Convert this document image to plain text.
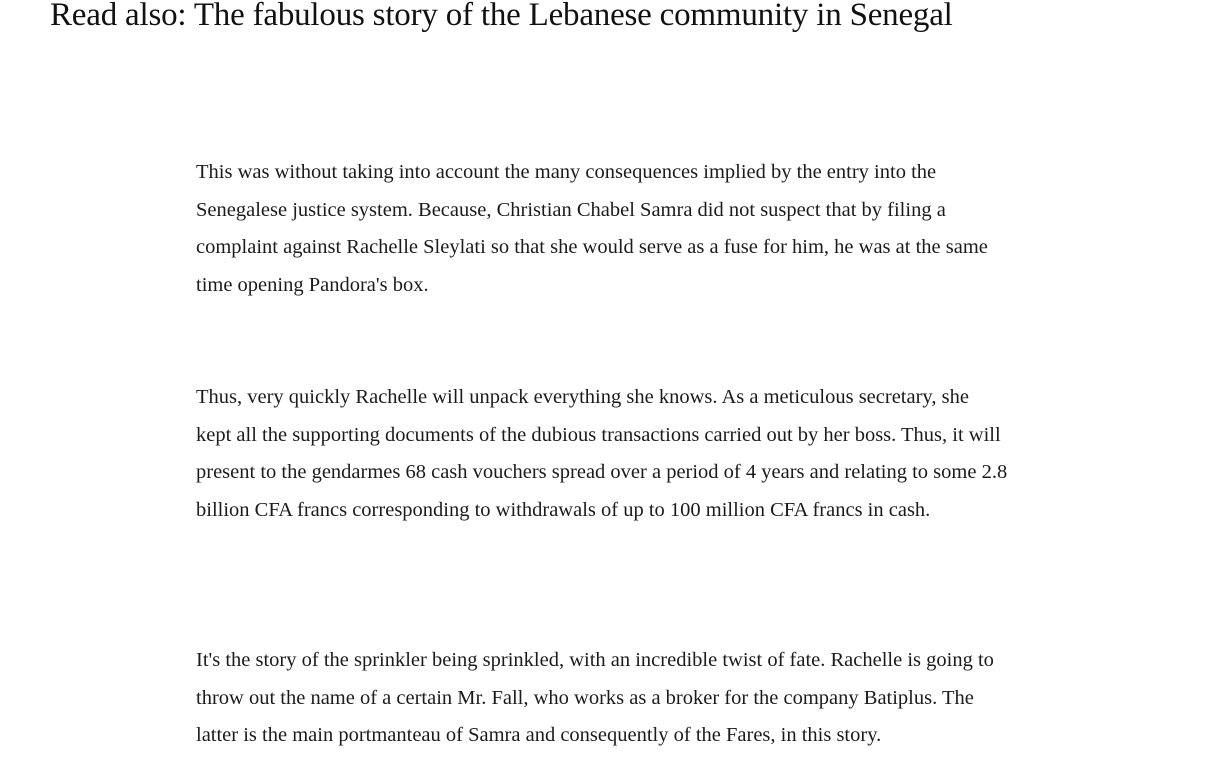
Read also: The fabulous story of the Lebanese community in Senegal
This was without taking into account the many consequences implied by the entry into the Senegalese justice system. Because, Christian Chabel Samra did not suspect that by filing a complaint against Rachelle Sleylati so that she would serve as a fuse for him, he was at the same time opening Pandora's box.
Thus, very quickly Rachelle will unpack everything she knows. As a meticulous secretary, she kept all the supporting documents of the dubious transactions carried out by her boss. Thus, it will present to the gendarmes 68 cash vouchers spread over a period of 4 years and relating to some 2.8 billion CFA francs corresponding to withdrawals of up to 100 million CFA francs in cash.
It's the story of the sprinkler being sprinkled, with an incredible twist of fate. Rachelle is going to throw out the name of a certain Mr. Fall, who works as a broker for the company Batiplus. The latter is the main portmanteau of Samra and consequently of the Fares, in this story.
